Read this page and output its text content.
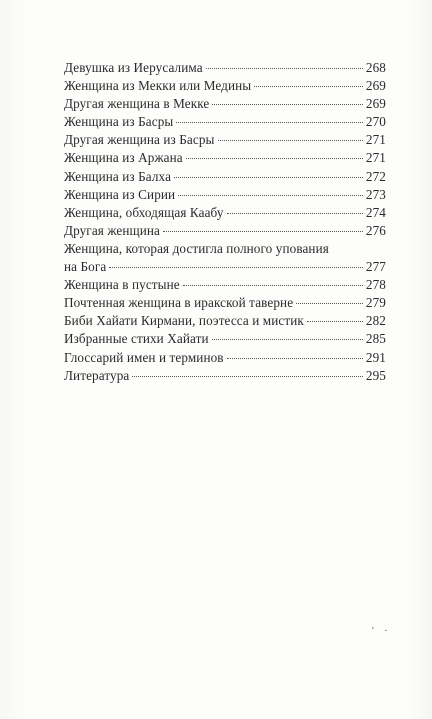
Девушка из Иерусалима	268
Женщина из Мекки или Медины	269
Другая женщина в Мекке	269
Женщина из Басры	270
Другая женщина из Басры	271
Женщина из Аржана	271
Женщина из Балха	272
Женщина из Сирии	273
Женщина, обходящая Каабу	274
Другая женщина	276
Женщина, которая достигла полного упования
на Бога	277
Женщина в пустыне	278
Почтенная женщина в иракской таверне	279
Биби Хайати Кирмани, поэтесса и мистик	282
Избранные стихи Хайати	285
Глоссарий имен и терминов	291
Литература	295
' ·
